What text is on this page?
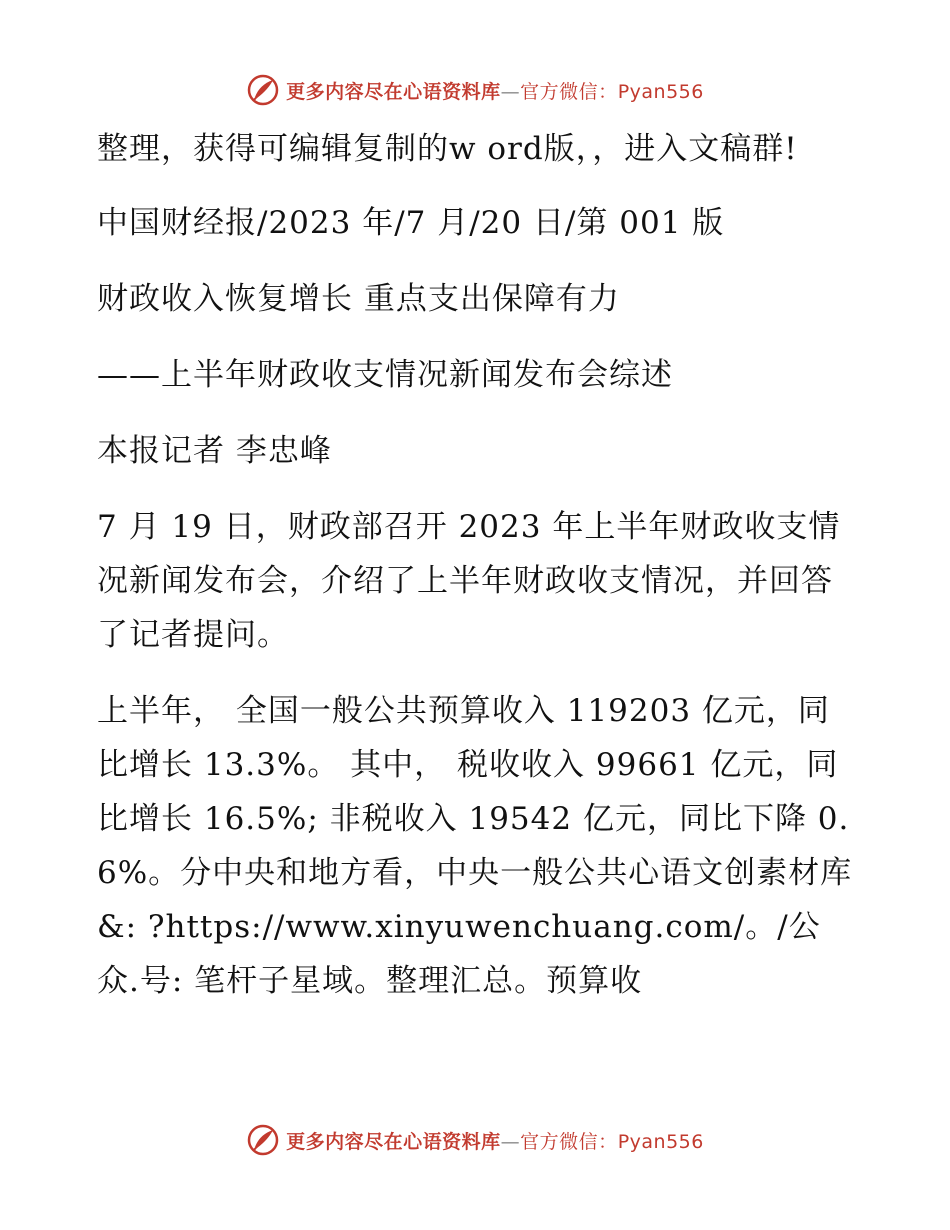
更多内容尽在心语资料库—官方微信：Pyan556

整理，获得可编辑复制的w ord版，，进入文稿群!

中国财经报/2023 年/7 月/20 日/第 001 版

财政收入恢复增长 重点支出保障有力

——上半年财政收支情况新闻发布会综述

本报记者 李忠峰

7 月 19 日，财政部召开 2023 年上半年财政收支情况新闻发布会，介绍了上半年财政收支情况，并回答了记者提问。

上半年， 全国一般公共预算收入 119203 亿元，同比增长 13.3%。 其中， 税收收入 99661 亿元，同比增长 16.5%; 非税收入 19542 亿元，同比下降 0.6%。分中央和地方看，中央一般公共心语文创素材库&: ?https://www.xinyuwenchuang.com/。/公众.号: 笔杆子星域。整理汇总。预算收

更多内容尽在心语资料库—官方微信：Pyan556
